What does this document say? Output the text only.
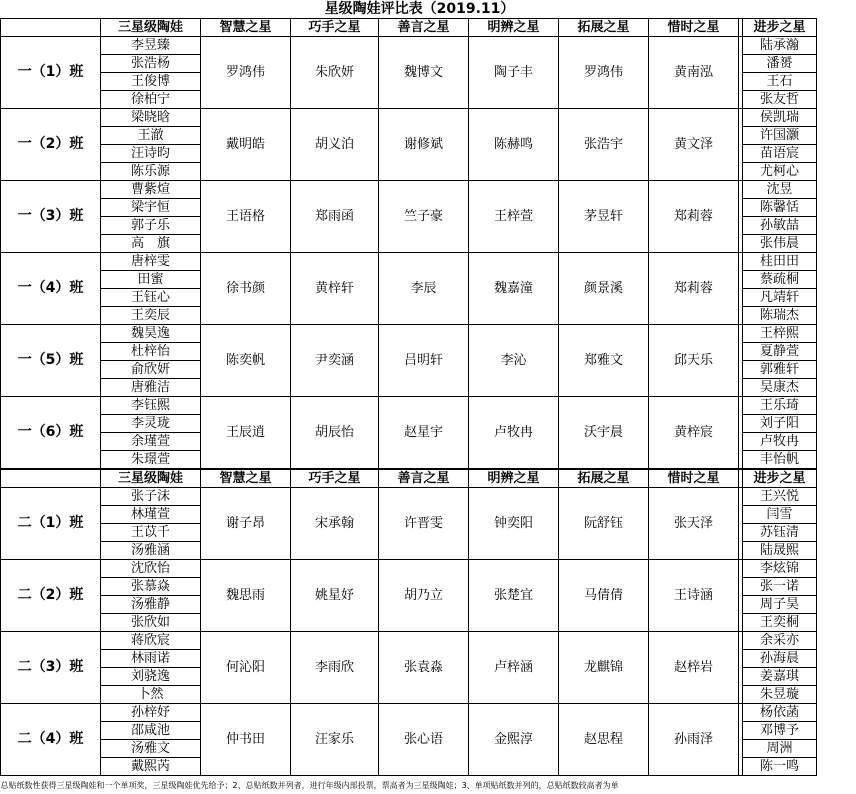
	星级陶娃评比表（2019.11）								
	三星级陶娃	智慧之星	巧手之星	善言之星	明辨之星	拓展之星	惜时之星		进步之星
一（1）班	李昱臻	罗鸿伟	朱欣妍	魏博文	陶子丰	罗鸿伟	黄南泓		陆承瀚
	张浩杨								潘赟
	王俊博								王石
	徐柏宁								张友哲
一（2）班	梁晓晗	戴明皓	胡义泊	谢修斌	陈赫鸣	张浩宇	黄文泽		侯凯瑞
	王澈								许国灏
	汪诗昀								苗语宸
	陈乐源								尤柯心
一（3）班	曹紫煊	王语格	郑雨函	竺子豪	王梓萱	茅昱轩	郑莉蓉		沈昱
	梁宇恒								陈馨恬
	郭子乐								孙敏喆
	高　旗								张伟晨
一（4）班	唐梓雯	徐书颜	黄梓轩	李辰	魏嘉潼	颜景溪	郑莉蓉		桂田田
	田蜜								蔡疏桐
	王钰心								凡靖轩
	王奕辰								陈瑞杰
一（5）班	魏昊逸	陈奕帆	尹奕涵	吕明轩	李沁	郑雅文	邱天乐		王梓熙
	杜梓怡								夏静萱
	俞欣妍								郭雅轩
	唐雅洁								吴康杰
一（6）班	李钰熙	王辰逍	胡辰怡	赵星宇	卢牧冉	沃宇晨	黄梓宸		王乐琦
	李灵珑								刘子阳
	余瑾萱								卢牧冉
	朱璟萱								丰怡帆
	三星级陶娃	智慧之星	巧手之星	善言之星	明辨之星	拓展之星	惜时之星		进步之星
二（1）班	张子沫	谢子昂	宋承翰	许晋雯	钟奕阳	阮舒钰	张天泽		王兴悦
	林瑾萱								闫雪
	王苡千								苏钰清
	汤雅涵								陆晟熙
二（2）班	沈欣怡	魏思雨	姚星妤	胡乃立	张楚宜	马倩倩	王诗涵		李炫锦
	张慕焱								张一诺
	汤雅静								周子昊
	张欣如								王奕桐
二（3）班	蒋欣宸	何沁阳	李雨欣	张袁淼	卢梓涵	龙麒锦	赵梓岩		余采亦
	林雨诺								孙海晨
	刘骁逸								姜嘉琪
	卜然								朱昱璇
二（4）班	孙梓妤	仲书田	汪家乐	张心语	金熙淳	赵思程	孙雨泽		杨依菡
	邵咸池								邓博予
	汤雅文								周洲
	戴熙芮								陈一鸣
总贴纸数性获得三星级陶娃和一个单项奖，三星级陶娃优先给予；2、总贴纸数并列者，进行年级内部投票，票高者为三星级陶娃；3、单项贴纸数并列的，总贴纸数较高者为单									
